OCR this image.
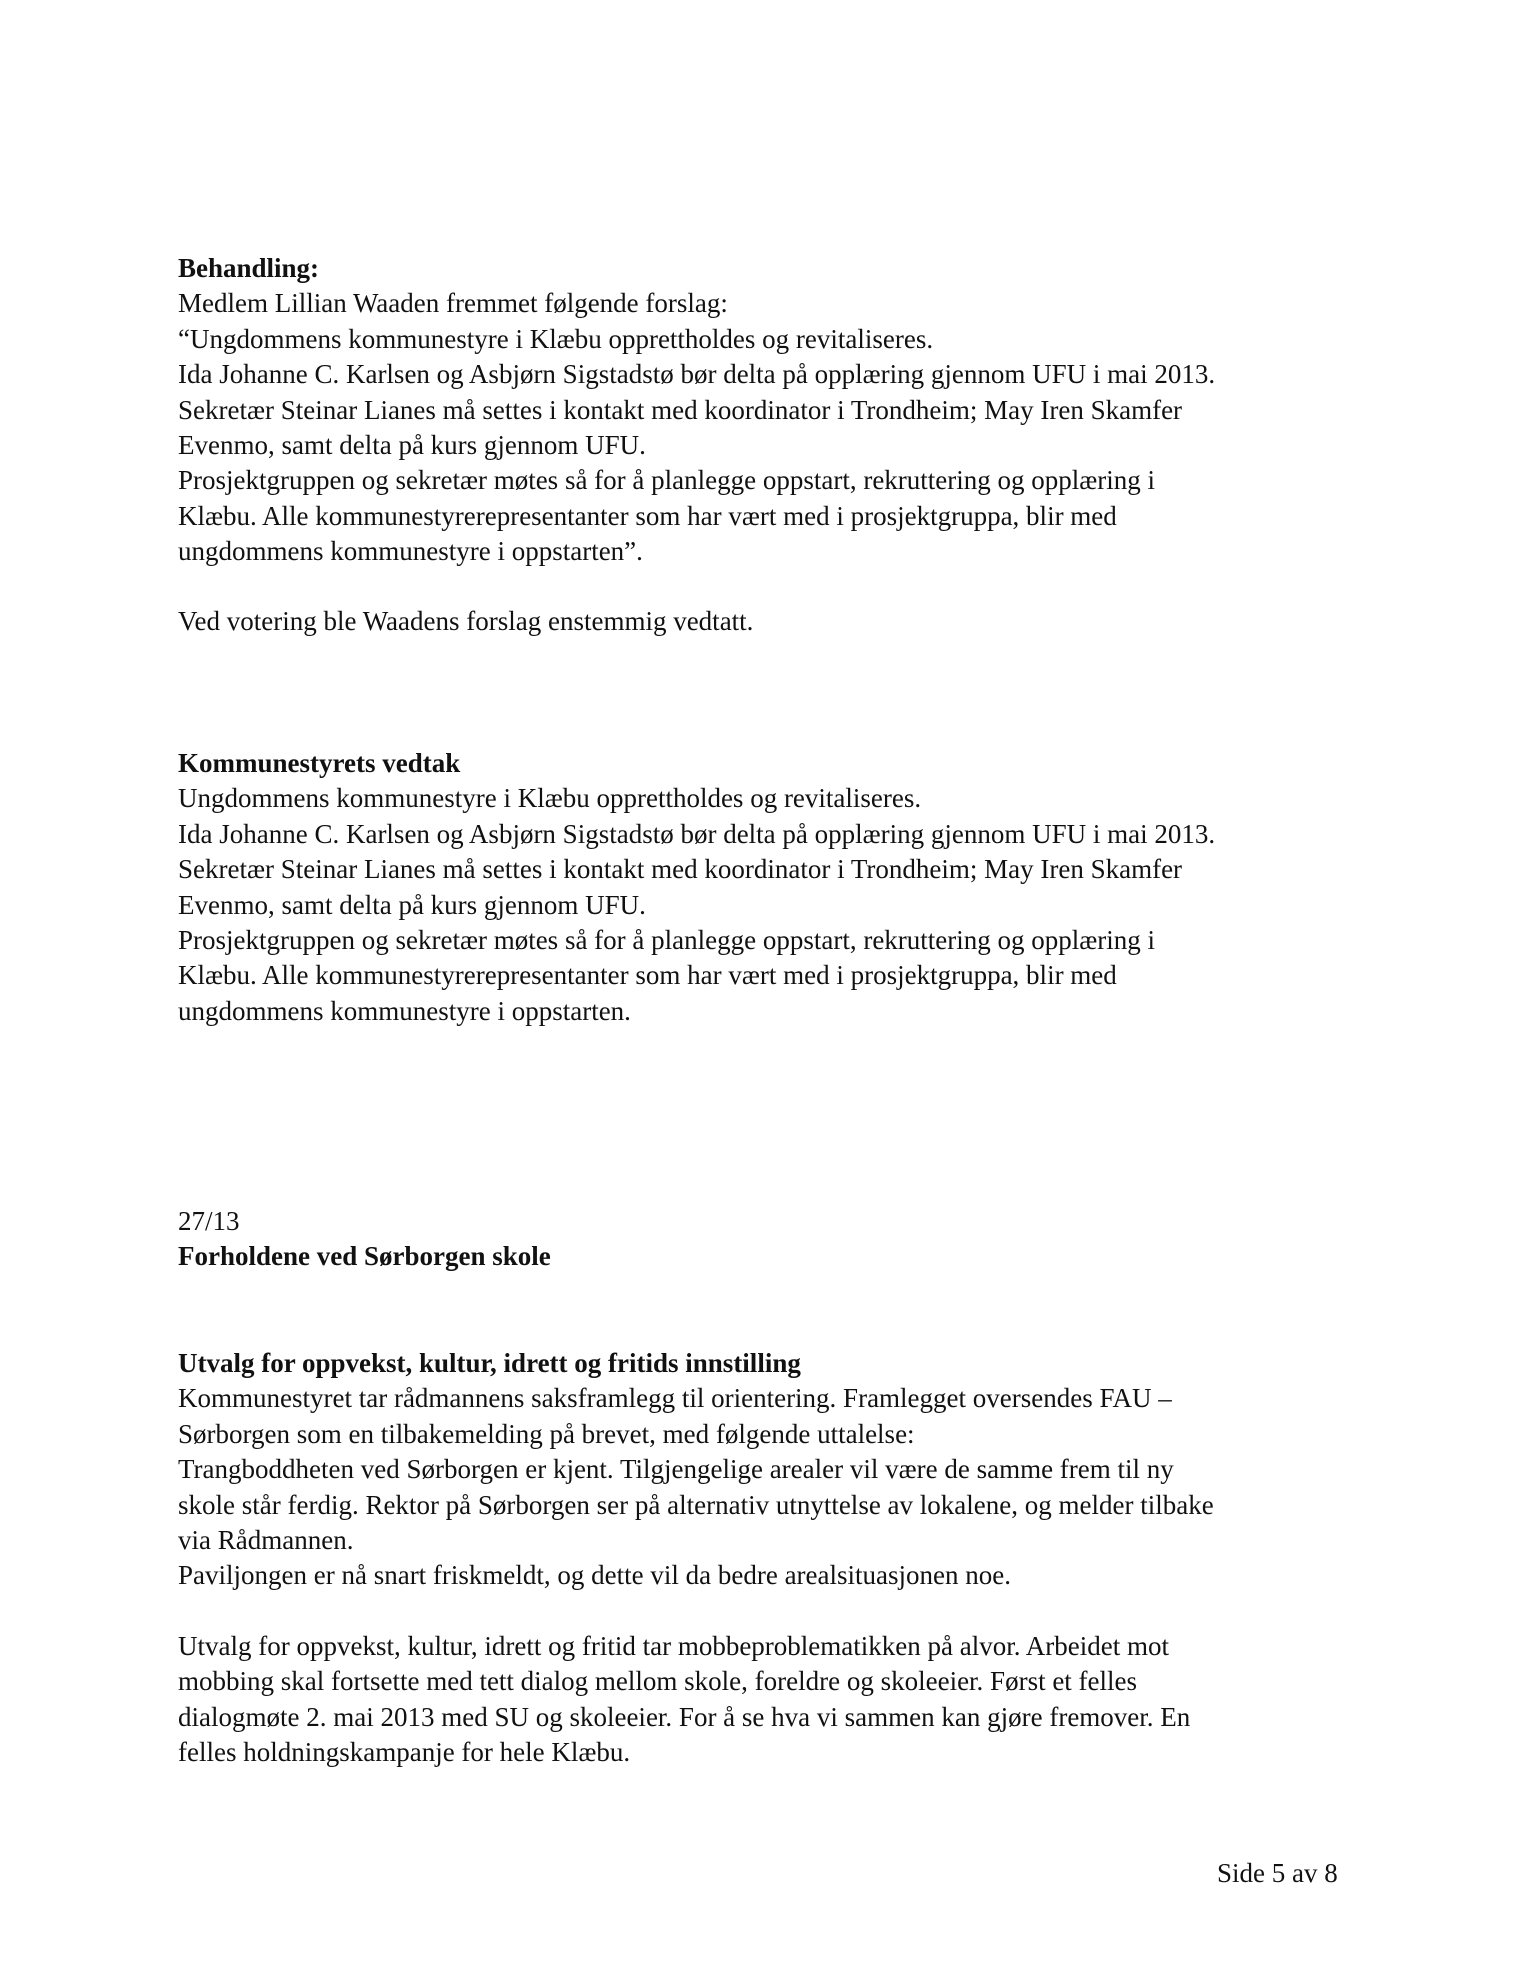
Behandling:

Medlem Lillian Waaden fremmet følgende forslag:

“Ungdommens kommunestyre i Klæbu opprettholdes og revitaliseres.

Ida Johanne C. Karlsen og Asbjørn Sigstadstø bør delta på opplæring gjennom UFU i mai 2013.

Sekretær Steinar Lianes må settes i kontakt med koordinator i Trondheim; May Iren Skamfer

Evenmo, samt delta på kurs gjennom UFU.

Prosjektgruppen og sekretær møtes så for å planlegge oppstart, rekruttering og opplæring i

Klæbu. Alle kommunestyrerepresentanter som har vært med i prosjektgruppa, blir med

ungdommens kommunestyre i oppstarten”.

Ved votering ble Waadens forslag enstemmig vedtatt.

Kommunestyrets vedtak

Ungdommens kommunestyre i Klæbu opprettholdes og revitaliseres.

Ida Johanne C. Karlsen og Asbjørn Sigstadstø bør delta på opplæring gjennom UFU i mai 2013.

Sekretær Steinar Lianes må settes i kontakt med koordinator i Trondheim; May Iren Skamfer

Evenmo, samt delta på kurs gjennom UFU.

Prosjektgruppen og sekretær møtes så for å planlegge oppstart, rekruttering og opplæring i

Klæbu. Alle kommunestyrerepresentanter som har vært med i prosjektgruppa, blir med

ungdommens kommunestyre i oppstarten.

27/13

Forholdene ved Sørborgen skole

Utvalg for oppvekst, kultur, idrett og fritids innstilling

Kommunestyret tar rådmannens saksframlegg til orientering. Framlegget oversendes FAU –

Sørborgen som en tilbakemelding på brevet, med følgende uttalelse:

Trangboddheten ved Sørborgen er kjent. Tilgjengelige arealer vil være de samme frem til ny

skole står ferdig. Rektor på Sørborgen ser på alternativ utnyttelse av lokalene, og melder tilbake

via Rådmannen.

Paviljongen er nå snart friskmeldt, og dette vil da bedre arealsituasjonen noe.

Utvalg for oppvekst, kultur, idrett og fritid tar mobbeproblematikken på alvor. Arbeidet mot

mobbing skal fortsette med tett dialog mellom skole, foreldre og skoleeier. Først et felles

dialogmøte 2. mai 2013 med SU og skoleeier. For å se hva vi sammen kan gjøre fremover. En

felles holdningskampanje for hele Klæbu.

Side 5 av 8
